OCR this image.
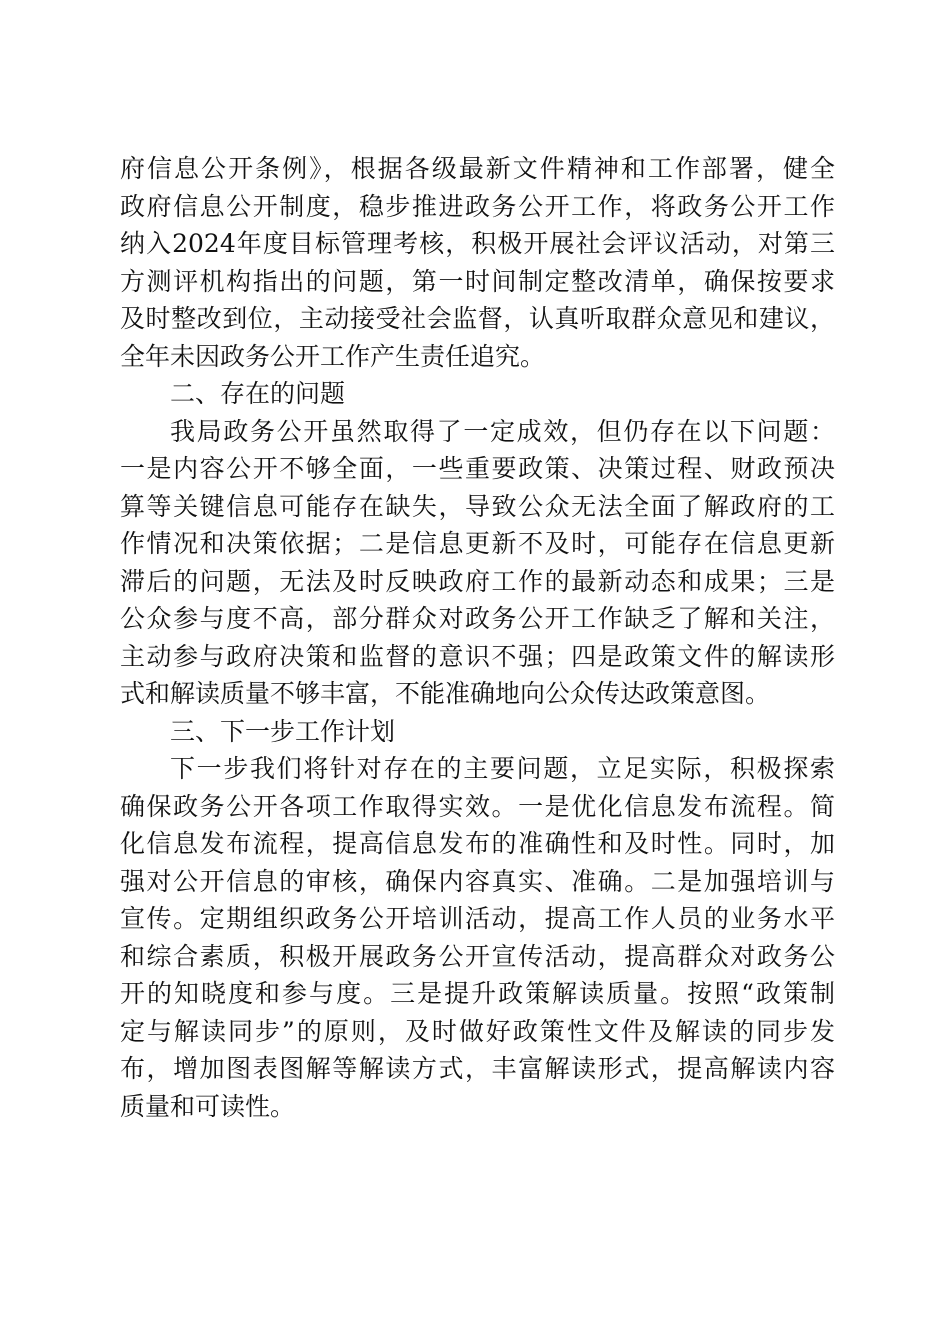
府信息公开条例》，根据各级最新文件精神和工作部署，健全
政府信息公开制度，稳步推进政务公开工作，将政务公开工作
纳入2024年度目标管理考核，积极开展社会评议活动，对第三
方测评机构指出的问题，第一时间制定整改清单，确保按要求
及时整改到位，主动接受社会监督，认真听取群众意见和建议，
全年未因政务公开工作产生责任追究。
二、存在的问题
我局政务公开虽然取得了一定成效，但仍存在以下问题：
一是内容公开不够全面，一些重要政策、决策过程、财政预决
算等关键信息可能存在缺失，导致公众无法全面了解政府的工
作情况和决策依据；二是信息更新不及时，可能存在信息更新
滞后的问题，无法及时反映政府工作的最新动态和成果；三是
公众参与度不高，部分群众对政务公开工作缺乏了解和关注，
主动参与政府决策和监督的意识不强；四是政策文件的解读形
式和解读质量不够丰富，不能准确地向公众传达政策意图。
三、下一步工作计划
下一步我们将针对存在的主要问题，立足实际，积极探索
确保政务公开各项工作取得实效。一是优化信息发布流程。简
化信息发布流程，提高信息发布的准确性和及时性。同时，加
强对公开信息的审核，确保内容真实、准确。二是加强培训与
宣传。定期组织政务公开培训活动，提高工作人员的业务水平
和综合素质，积极开展政务公开宣传活动，提高群众对政务公
开的知晓度和参与度。三是提升政策解读质量。按照“政策制
定与解读同步”的原则，及时做好政策性文件及解读的同步发
布，增加图表图解等解读方式，丰富解读形式，提高解读内容
质量和可读性。
